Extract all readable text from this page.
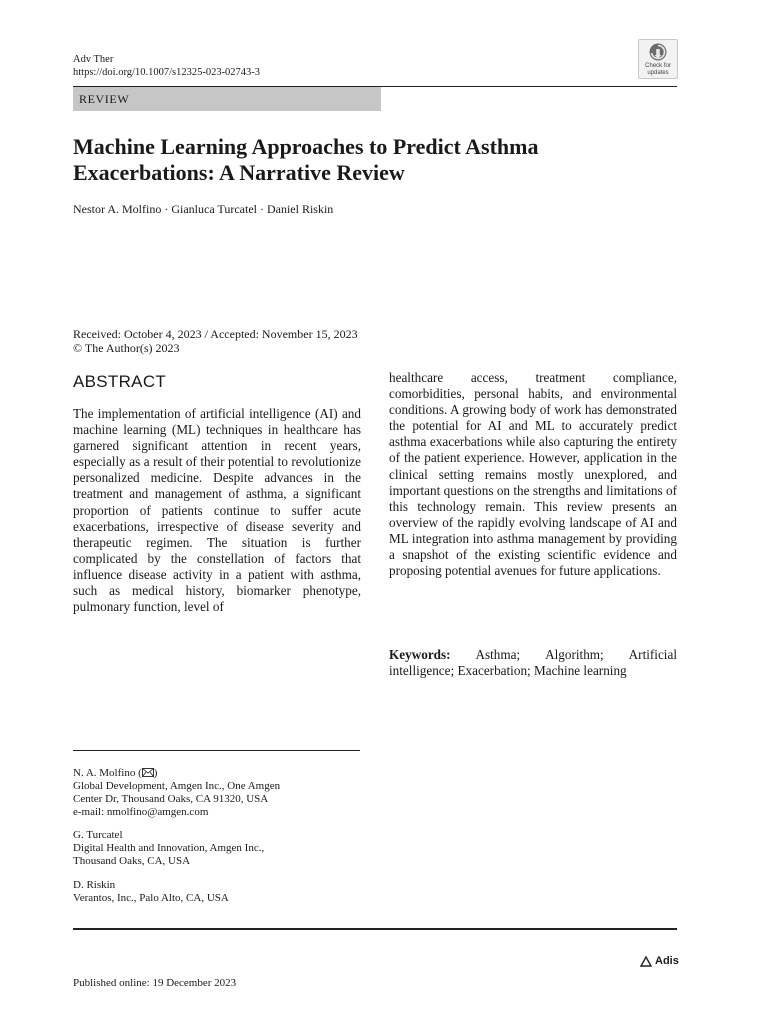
Adv Ther
https://doi.org/10.1007/s12325-023-02743-3
Check for
updates
REVIEW
Machine Learning Approaches to Predict Asthma
Exacerbations: A Narrative Review
Nestor A. Molfino · Gianluca Turcatel · Daniel Riskin
Received: October 4, 2023 / Accepted: November 15, 2023
© The Author(s) 2023
ABSTRACT

The implementation of artificial intelligence (AI) and machine learning (ML) techniques in healthcare has garnered significant attention in recent years, especially as a result of their potential to revolutionize personalized medicine. Despite advances in the treatment and management of asthma, a significant proportion of patients continue to suffer acute exacerbations, irrespective of disease severity and therapeutic regimen. The situation is further complicated by the constellation of factors that influence disease activity in a patient with asthma, such as medical history, biomarker phenotype, pulmonary function, level of

healthcare access, treatment compliance, comorbidities, personal habits, and environmental conditions. A growing body of work has demonstrated the potential for AI and ML to accurately predict asthma exacerbations while also capturing the entirety of the patient experience. However, application in the clinical setting remains mostly unexplored, and important questions on the strengths and limitations of this technology remain. This review presents an overview of the rapidly evolving landscape of AI and ML integration into asthma management by providing a snapshot of the existing scientific evidence and proposing potential avenues for future applications.

Keywords: Asthma; Algorithm; Artificial intelligence; Exacerbation; Machine learning

N. A. Molfino ( )
Global Development, Amgen Inc., One Amgen
Center Dr, Thousand Oaks, CA 91320, USA
e-mail: nmolfino@amgen.com
G. Turcatel
Digital Health and Innovation, Amgen Inc.,
Thousand Oaks, CA, USA
D. Riskin
Verantos, Inc., Palo Alto, CA, USA
Adis
Published online: 19 December 2023
